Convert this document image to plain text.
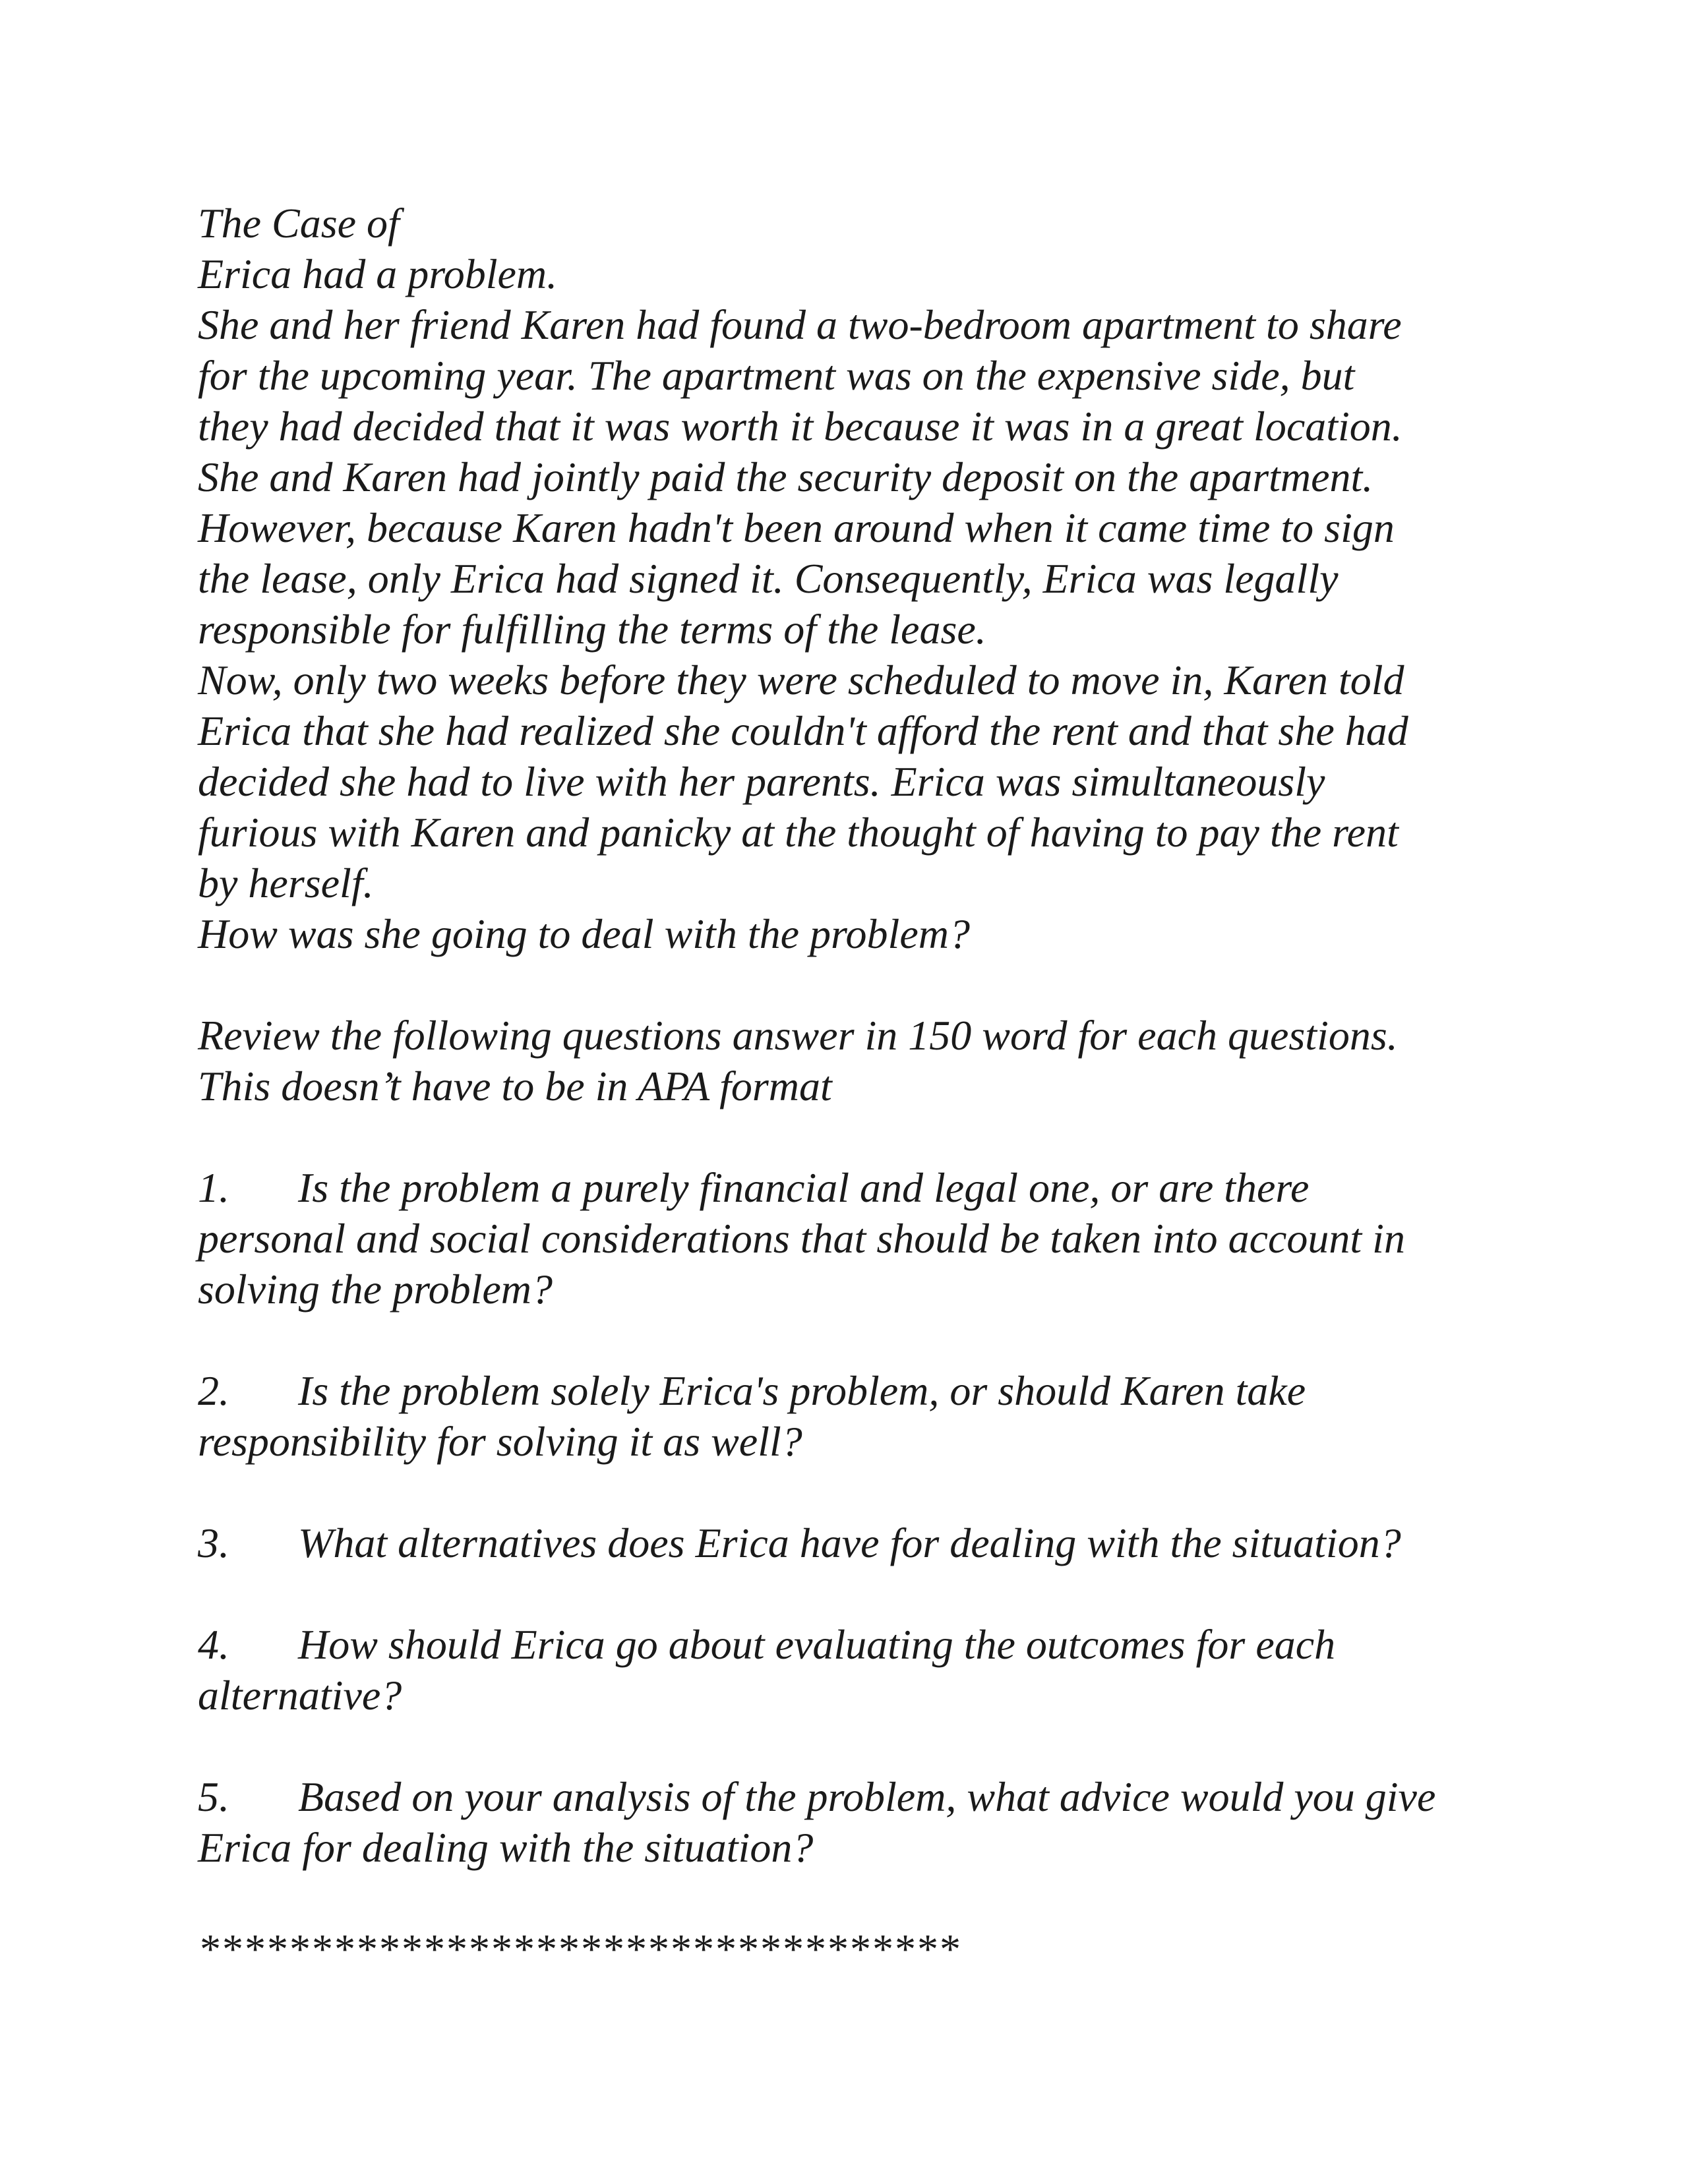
The Case of
Erica had a problem.
She and her friend Karen had found a two-bedroom apartment to share
for the upcoming year. The apartment was on the expensive side, but
they had decided that it was worth it because it was in a great location.
She and Karen had jointly paid the security deposit on the apartment.
However, because Karen hadn't been around when it came time to sign
the lease, only Erica had signed it. Consequently, Erica was legally
responsible for fulfilling the terms of the lease.
Now, only two weeks before they were scheduled to move in, Karen told
Erica that she had realized she couldn't afford the rent and that she had
decided she had to live with her parents. Erica was simultaneously
furious with Karen and panicky at the thought of having to pay the rent
by herself.
How was she going to deal with the problem?
Review the following questions answer in 150 word for each questions.
This doesn’t have to be in APA format
1. Is the problem a purely financial and legal one, or are there
personal and social considerations that should be taken into account in
solving the problem?
2. Is the problem solely Erica's problem, or should Karen take
responsibility for solving it as well?
3. What alternatives does Erica have for dealing with the situation?
4. How should Erica go about evaluating the outcomes for each
alternative?
5. Based on your analysis of the problem, what advice would you give
Erica for dealing with the situation?
**********************************
